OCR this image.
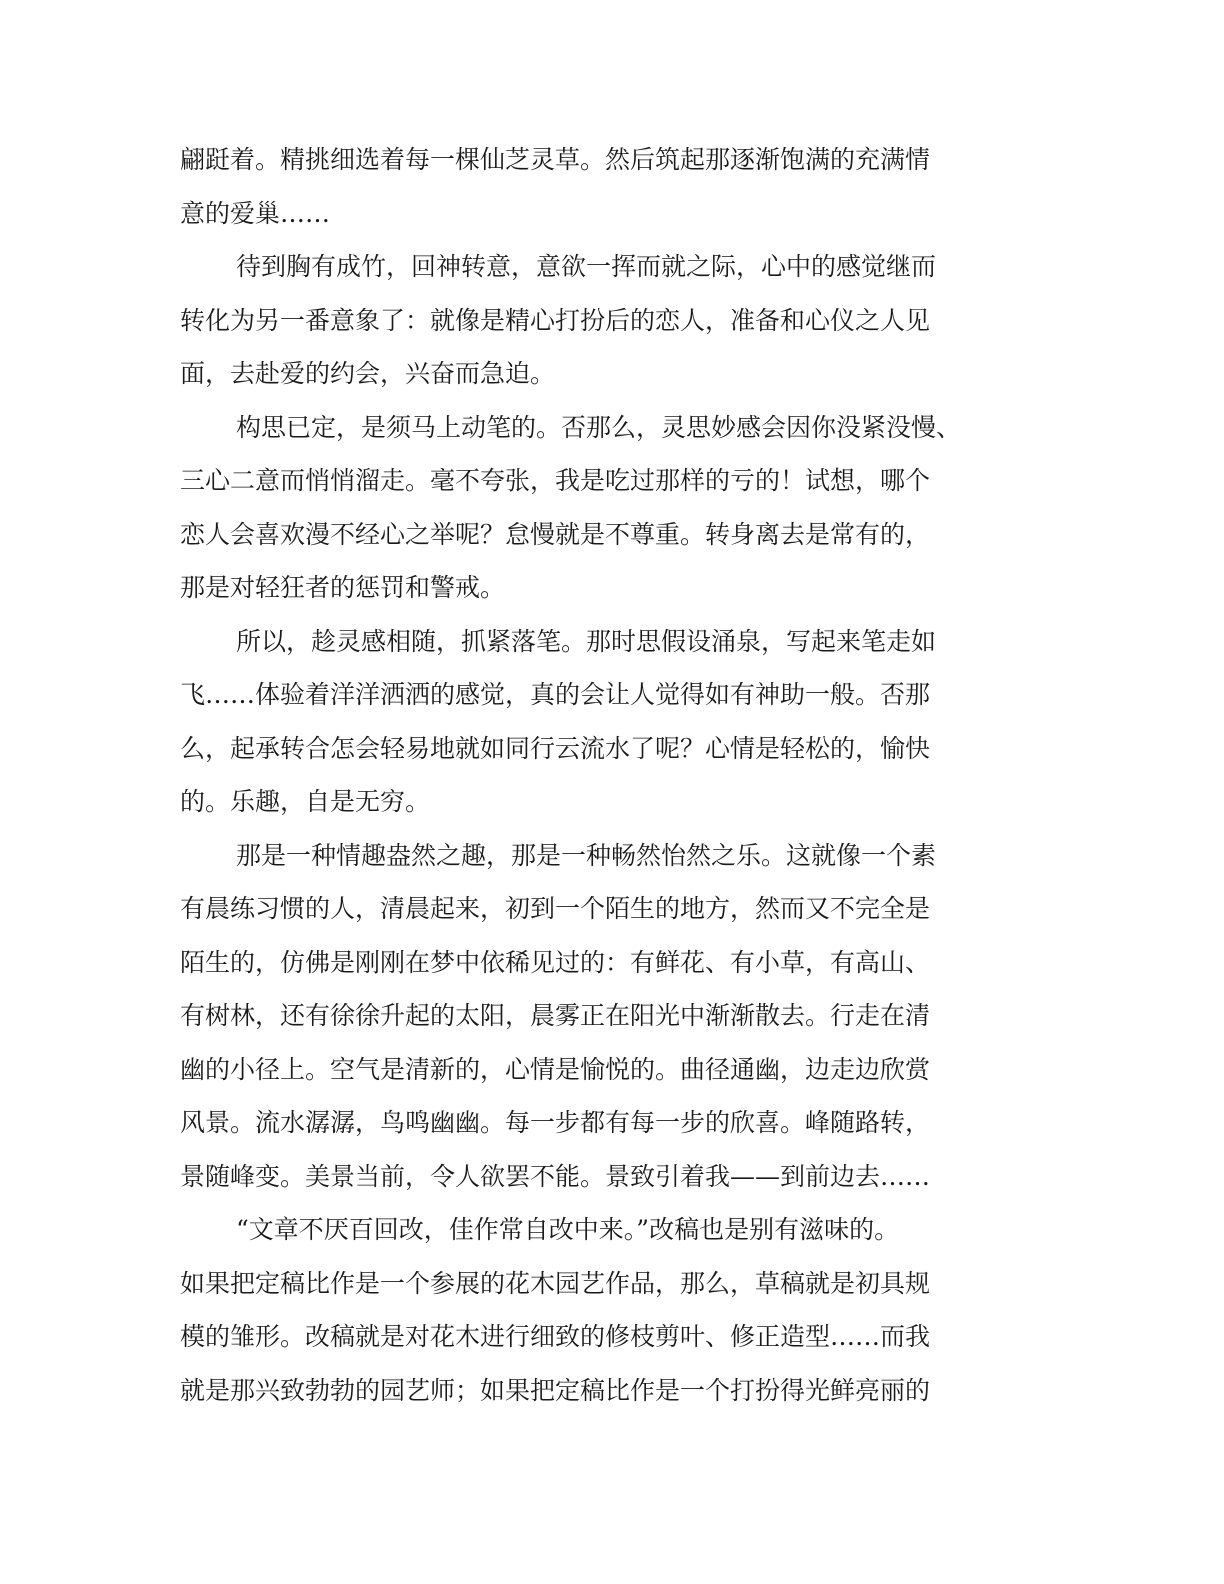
翩跹着。精挑细选着每一棵仙芝灵草。然后筑起那逐渐饱满的充满情
意的爱巢……
待到胸有成竹，回神转意，意欲一挥而就之际，心中的感觉继而
转化为另一番意象了：就像是精心打扮后的恋人，准备和心仪之人见
面，去赴爱的约会，兴奋而急迫。
构思已定，是须马上动笔的。否那么，灵思妙感会因你没紧没慢、
三心二意而悄悄溜走。毫不夸张，我是吃过那样的亏的！试想，哪个
恋人会喜欢漫不经心之举呢？怠慢就是不尊重。转身离去是常有的，
那是对轻狂者的惩罚和警戒。
所以，趁灵感相随，抓紧落笔。那时思假设涌泉，写起来笔走如
飞……体验着洋洋洒洒的感觉，真的会让人觉得如有神助一般。否那
么，起承转合怎会轻易地就如同行云流水了呢？心情是轻松的，愉快
的。乐趣，自是无穷。
那是一种情趣盎然之趣，那是一种畅然怡然之乐。这就像一个素
有晨练习惯的人，清晨起来，初到一个陌生的地方，然而又不完全是
陌生的，仿佛是刚刚在梦中依稀见过的：有鲜花、有小草，有高山、
有树林，还有徐徐升起的太阳，晨雾正在阳光中渐渐散去。行走在清
幽的小径上。空气是清新的，心情是愉悦的。曲径通幽，边走边欣赏
风景。流水潺潺，鸟鸣幽幽。每一步都有每一步的欣喜。峰随路转，
景随峰变。美景当前，令人欲罢不能。景致引着我——到前边去……
“文章不厌百回改，佳作常自改中来。”改稿也是别有滋味的。
如果把定稿比作是一个参展的花木园艺作品，那么，草稿就是初具规
模的雏形。改稿就是对花木进行细致的修枝剪叶、修正造型……而我
就是那兴致勃勃的园艺师；如果把定稿比作是一个打扮得光鲜亮丽的
